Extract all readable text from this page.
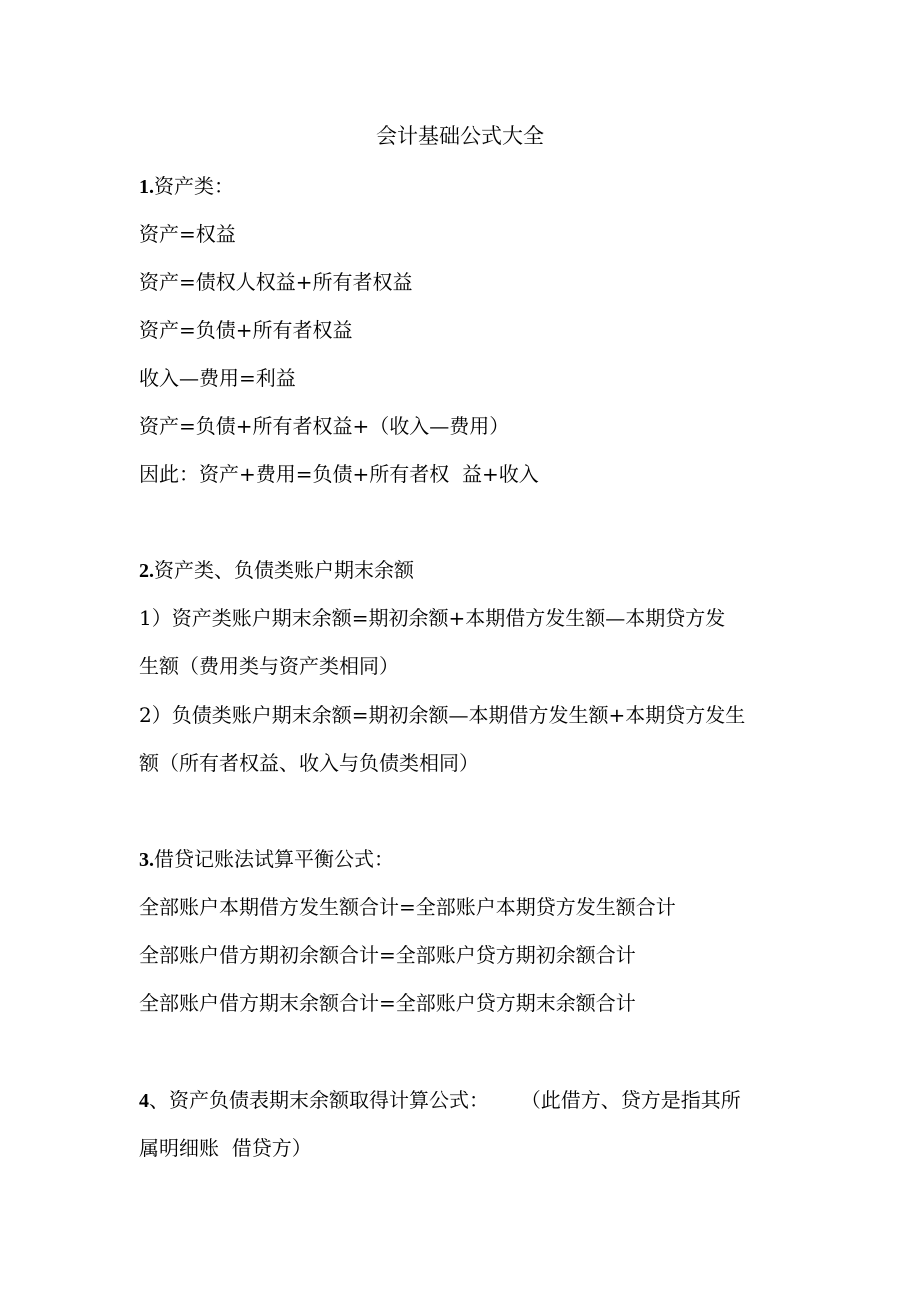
会计基础公式大全
1.资产类：
资产=权益
资产=债权人权益+所有者权益
资产=负债+所有者权益
收入—费用=利益
资产=负债+所有者权益+（收入—费用）
因此：资产+费用=负债+所有者权  益+收入
2.资产类、负债类账户期末余额
1）资产类账户期末余额=期初余额+本期借方发生额—本期贷方发
生额（费用类与资产类相同）
2）负债类账户期末余额=期初余额—本期借方发生额+本期贷方发生
额（所有者权益、收入与负债类相同）
3.借贷记账法试算平衡公式：
全部账户本期借方发生额合计=全部账户本期贷方发生额合计
全部账户借方期初余额合计=全部账户贷方期初余额合计
全部账户借方期末余额合计=全部账户贷方期末余额合计
4、资产负债表期末余额取得计算公式：     （此借方、贷方是指其所
属明细账  借贷方）
